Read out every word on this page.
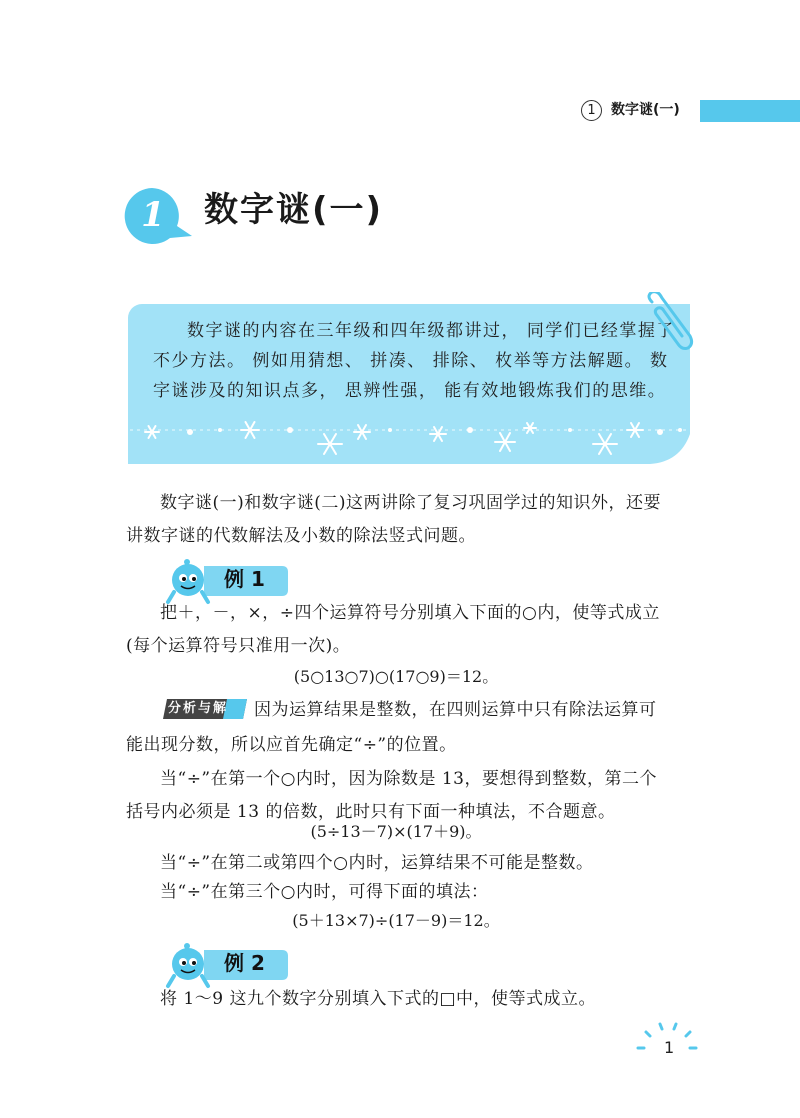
1	数字谜(一)
1	数字谜(一)
数字谜的内容在三年级和四年级都讲过， 同学们已经掌握了不少方法。 例如用猜想、 拼凑、 排除、 枚举等方法解题。 数字谜涉及的知识点多， 思辨性强， 能有效地锻炼我们的思维。
数字谜(一)和数字谜(二)这两讲除了复习巩固学过的知识外，还要讲数字谜的代数解法及小数的除法竖式问题。
例 1
把＋，－，×，÷四个运算符号分别填入下面的○内，使等式成立(每个运算符号只准用一次)。
(5○13○7)○(17○9)＝12。
分析与解	因为运算结果是整数，在四则运算中只有除法运算可能出现分数，所以应首先确定“÷”的位置。
当“÷”在第一个○内时，因为除数是 13，要想得到整数，第二个括号内必须是 13 的倍数，此时只有下面一种填法，不合题意。
(5÷13－7)×(17＋9)。
当“÷”在第二或第四个○内时，运算结果不可能是整数。
当“÷”在第三个○内时，可得下面的填法：
(5＋13×7)÷(17－9)＝12。
例 2
将 1～9 这九个数字分别填入下式的□中，使等式成立。
1
